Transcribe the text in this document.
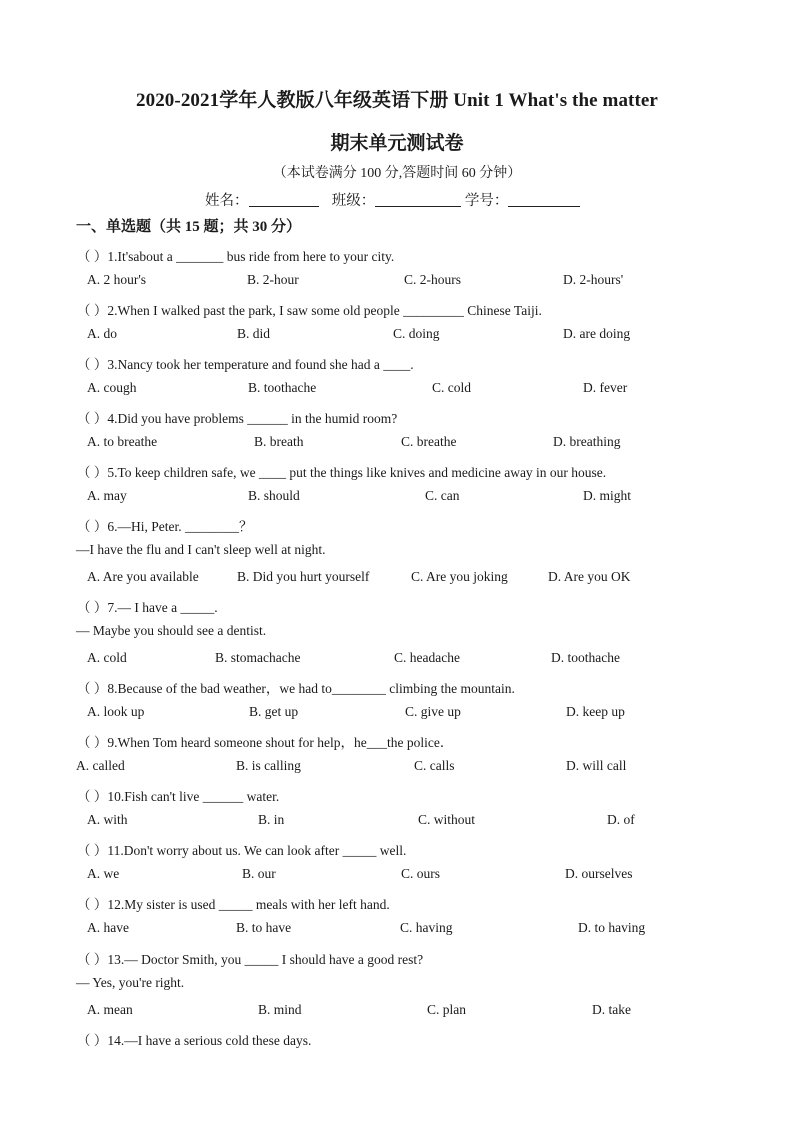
2020-2021学年人教版八年级英语下册 Unit 1 What's the matter
期末单元测试卷
（本试卷满分 100 分,答题时间 60 分钟）
姓名：	班级：	学号：
一、单选题（共 15 题；共 30 分）
（ ）1.It'sabout a _______ bus ride from here to your city.
A. 2 hour's	B. 2-hour	C. 2-hours	D. 2-hours'
（ ）2.When I walked past the park, I saw some old people _________ Chinese Taiji.
A. do	B. did	C. doing	D. are doing
（ ）3.Nancy took her temperature and found she had a ____.
A. cough	B. toothache	C. cold	D. fever
（ ）4.Did you have problems ______ in the humid room?
A. to breathe	B. breath	C. breathe	D. breathing
（ ）5.To keep children safe, we ____ put the things like knives and medicine away in our house.
A. may	B. should	C. can	D. might
（ ）6.—Hi, Peter. ________？
—I have the flu and I can't sleep well at night.
A. Are you available	B. Did you hurt yourself	C. Are you joking	D. Are you OK
（ ）7.— I have a _____.
— Maybe you should see a dentist.
A. cold	B. stomachache	C. headache	D. toothache
（ ）8.Because of the bad weather，we had to________ climbing the mountain.
A. look up	B. get up	C. give up	D. keep up
（ ）9.When Tom heard someone shout for help，he___the police．
A. called	B. is calling	C. calls	D. will call
（ ）10.Fish can't live ______ water.
A. with	B. in	C. without	D. of
（ ）11.Don't worry about us. We can look after _____ well.
A. we	B. our	C. ours	D. ourselves
（ ）12.My sister is used _____ meals with her left hand.
A. have	B. to have	C. having	D. to having
（ ）13.— Doctor Smith, you _____ I should have a good rest?
— Yes, you're right.
A. mean	B. mind	C. plan	D. take
（ ）14.—I have a serious cold these days.
